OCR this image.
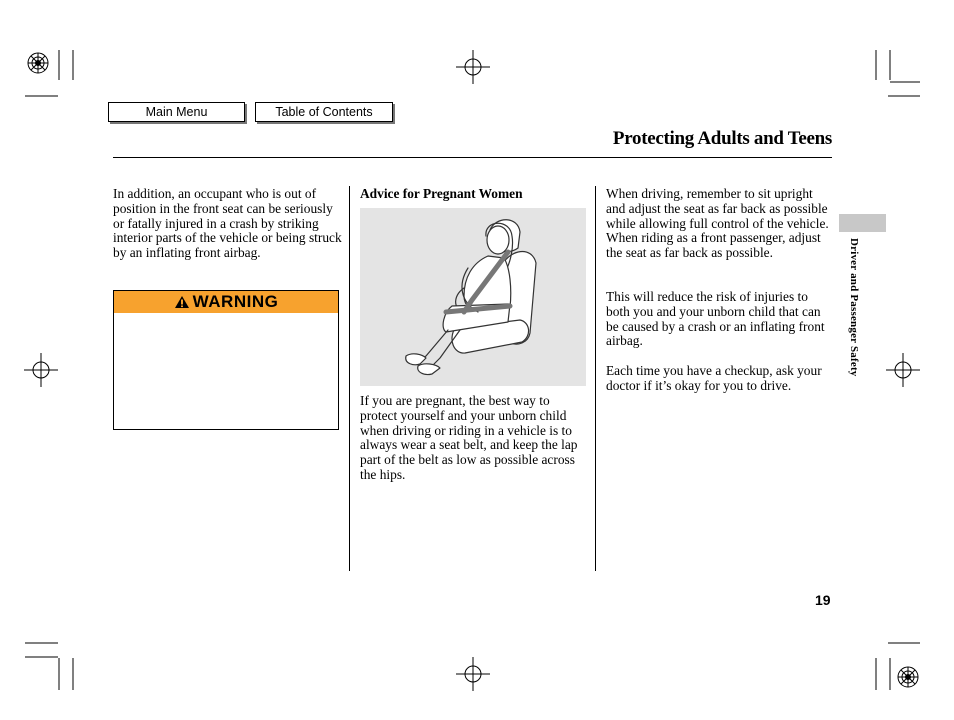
Main Menu	Table of Contents
Protecting Adults and Teens

In addition, an occupant who is out of position in the front seat can be seriously or fatally injured in a crash by striking interior parts of the vehicle or being struck by an inflating front airbag.

WARNING
Advice for Pregnant Women

If you are pregnant, the best way to protect yourself and your unborn child when driving or riding in a vehicle is to always wear a seat belt, and keep the lap part of the belt as low as possible across the hips.

When driving, remember to sit upright and adjust the seat as far back as possible while allowing full control of the vehicle. When riding as a front passenger, adjust the seat as far back as possible.

This will reduce the risk of injuries to both you and your unborn child that can be caused by a crash or an inflating front airbag.

Each time you have a checkup, ask your doctor if it’s okay for you to drive.

Driver and Passenger Safety
19
